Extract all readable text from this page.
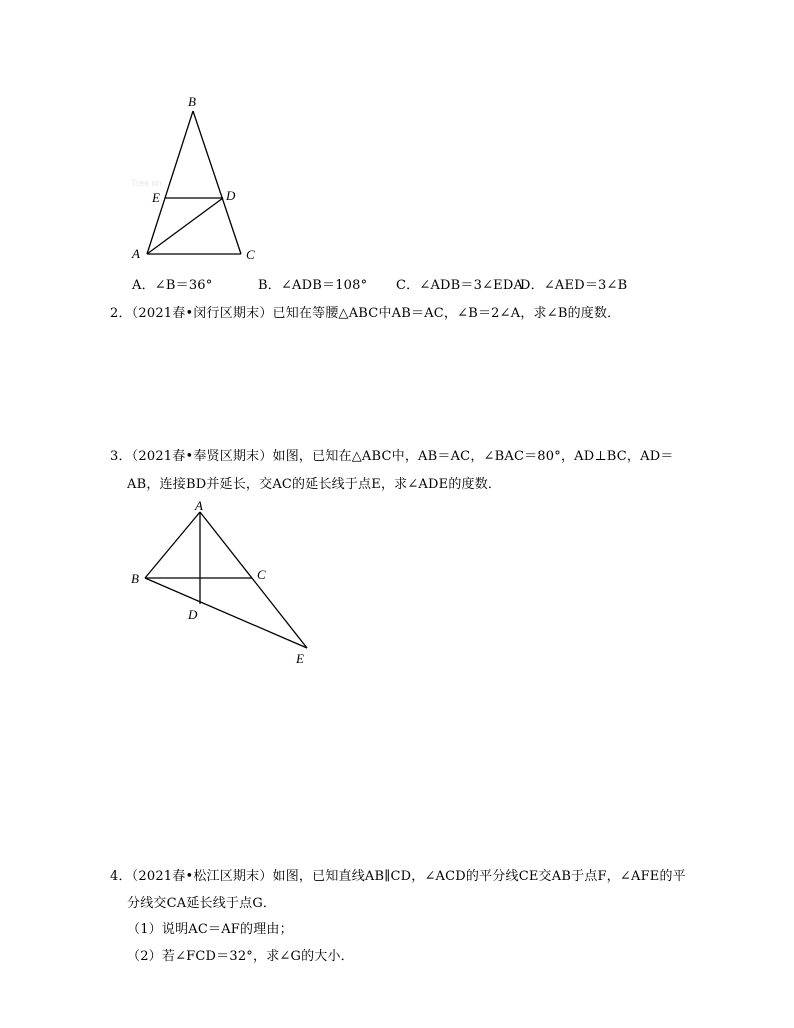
Tree on
B
E	D
A	C
A．∠B＝36°	B．∠ADB＝108° C．∠ADB＝3∠EDA
D．∠AED＝3∠B
2．（2021春•闵行区期末）已知在等腰△ABC中AB＝AC，∠B＝2∠A，求∠B的度数．
3．（2021春•奉贤区期末）如图，已知在△ABC中，AB＝AC，∠BAC＝80°，AD⊥BC，AD＝
AB，连接BD并延长，交AC的延长线于点E，求∠ADE的度数．
A
B	C
D
E
4．（2021春•松江区期末）如图，已知直线AB∥CD，∠ACD的平分线CE交AB于点F，∠AFE的平
分线交CA延长线于点G．
（1）说明AC＝AF的理由；
（2）若∠FCD＝32°，求∠G的大小．
